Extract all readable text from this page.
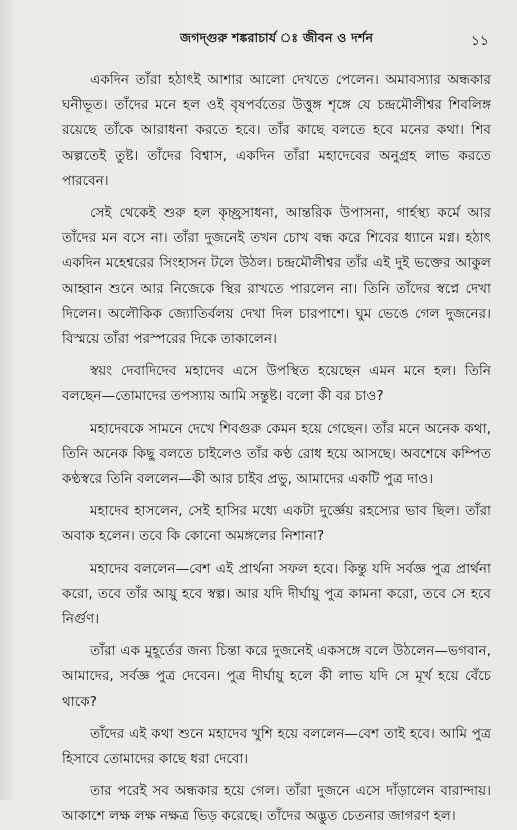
জগদ্গুরু শঙ্করাচার্য ঃ জীবন ও দর্শন	১১

একদিন তাঁরা হঠাৎই আশার আলো দেখতে পেলেন। অমাবস্যার অন্ধকার ঘনীভূত। তাঁদের মনে হল ওই বৃষপর্বতের উত্তুঙ্গ শৃঙ্গে যে চন্দ্রমৌলীশ্বর শিবলিঙ্গ রয়েছে তাঁকে আরাধনা করতে হবে। তাঁর কাছে বলতে হবে মনের কথা। শিব অল্পতেই তুষ্ট। তাঁদের বিশ্বাস, একদিন তাঁরা মহাদেবের অনুগ্রহ লাভ করতে পারবেন।

সেই থেকেই শুরু হল কৃচ্ছ্রসাধনা, আন্তরিক উপাসনা, গার্হস্থ্য কর্মে আর তাঁদের মন বসে না। তাঁরা দুজনেই তখন চোখ বন্ধ করে শিবের ধ্যানে মগ্ন। হঠাৎ একদিন মহেশ্বরের সিংহাসন টলে উঠল। চন্দ্রমৌলীশ্বর তাঁর এই দুই ভক্তের আকুল আহ্বান শুনে আর নিজেকে স্থির রাখতে পারলেন না। তিনি তাঁদের স্বপ্নে দেখা দিলেন। অলৌকিক জ্যোতির্বলয় দেখা দিল চারপাশে। ঘুম ভেঙে গেল দুজনের। বিস্ময়ে তাঁরা পরস্পরের দিকে তাকালেন।

স্বয়ং দেবাদিদেব মহাদেব এসে উপস্থিত হয়েছেন এমন মনে হল। তিনি বলছেন—তোমাদের তপস্যায় আমি সন্তুষ্ট। বলো কী বর চাও?

মহাদেবকে সামনে দেখে শিবগুরু কেমন হয়ে গেছেন। তাঁর মনে অনেক কথা, তিনি অনেক কিছু বলতে চাইলেও তাঁর কণ্ঠ রোধ হয়ে আসছে। অবশেষে কম্পিত কণ্ঠস্বরে তিনি বললেন—কী আর চাইব প্রভু, আমাদের একটি পুত্র দাও।

মহাদেব হাসলেন, সেই হাসির মধ্যে একটা দুর্জ্ঞেয় রহস্যের ভাব ছিল। তাঁরা অবাক হলেন। তবে কি কোনো অমঙ্গলের নিশানা?

মহাদেব বললেন—বেশ এই প্রার্থনা সফল হবে। কিন্তু যদি সর্বজ্ঞ পুত্র প্রার্থনা করো, তবে তাঁর আয়ু হবে স্বল্প। আর যদি দীর্ঘায়ু পুত্র কামনা করো, তবে সে হবে নির্গুণ।

তাঁরা এক মুহূর্তের জন্য চিন্তা করে দুজনেই একসঙ্গে বলে উঠলেন—ভগবান, আমাদের, সর্বজ্ঞ পুত্র দেবেন। পুত্র দীর্ঘায়ু হলে কী লাভ যদি সে মূর্খ হয়ে বেঁচে থাকে?

তাঁদের এই কথা শুনে মহাদেব খুশি হয়ে বললেন—বেশ তাই হবে। আমি পুত্র হিসাবে তোমাদের কাছে ধরা দেবো।

তার পরেই সব অন্ধকার হয়ে গেল। তাঁরা দুজনে এসে দাঁড়ালেন বারান্দায়। আকাশে লক্ষ লক্ষ নক্ষত্র ভিড় করেছে। তাঁদের অদ্ভুত চেতনার জাগরণ হল।
